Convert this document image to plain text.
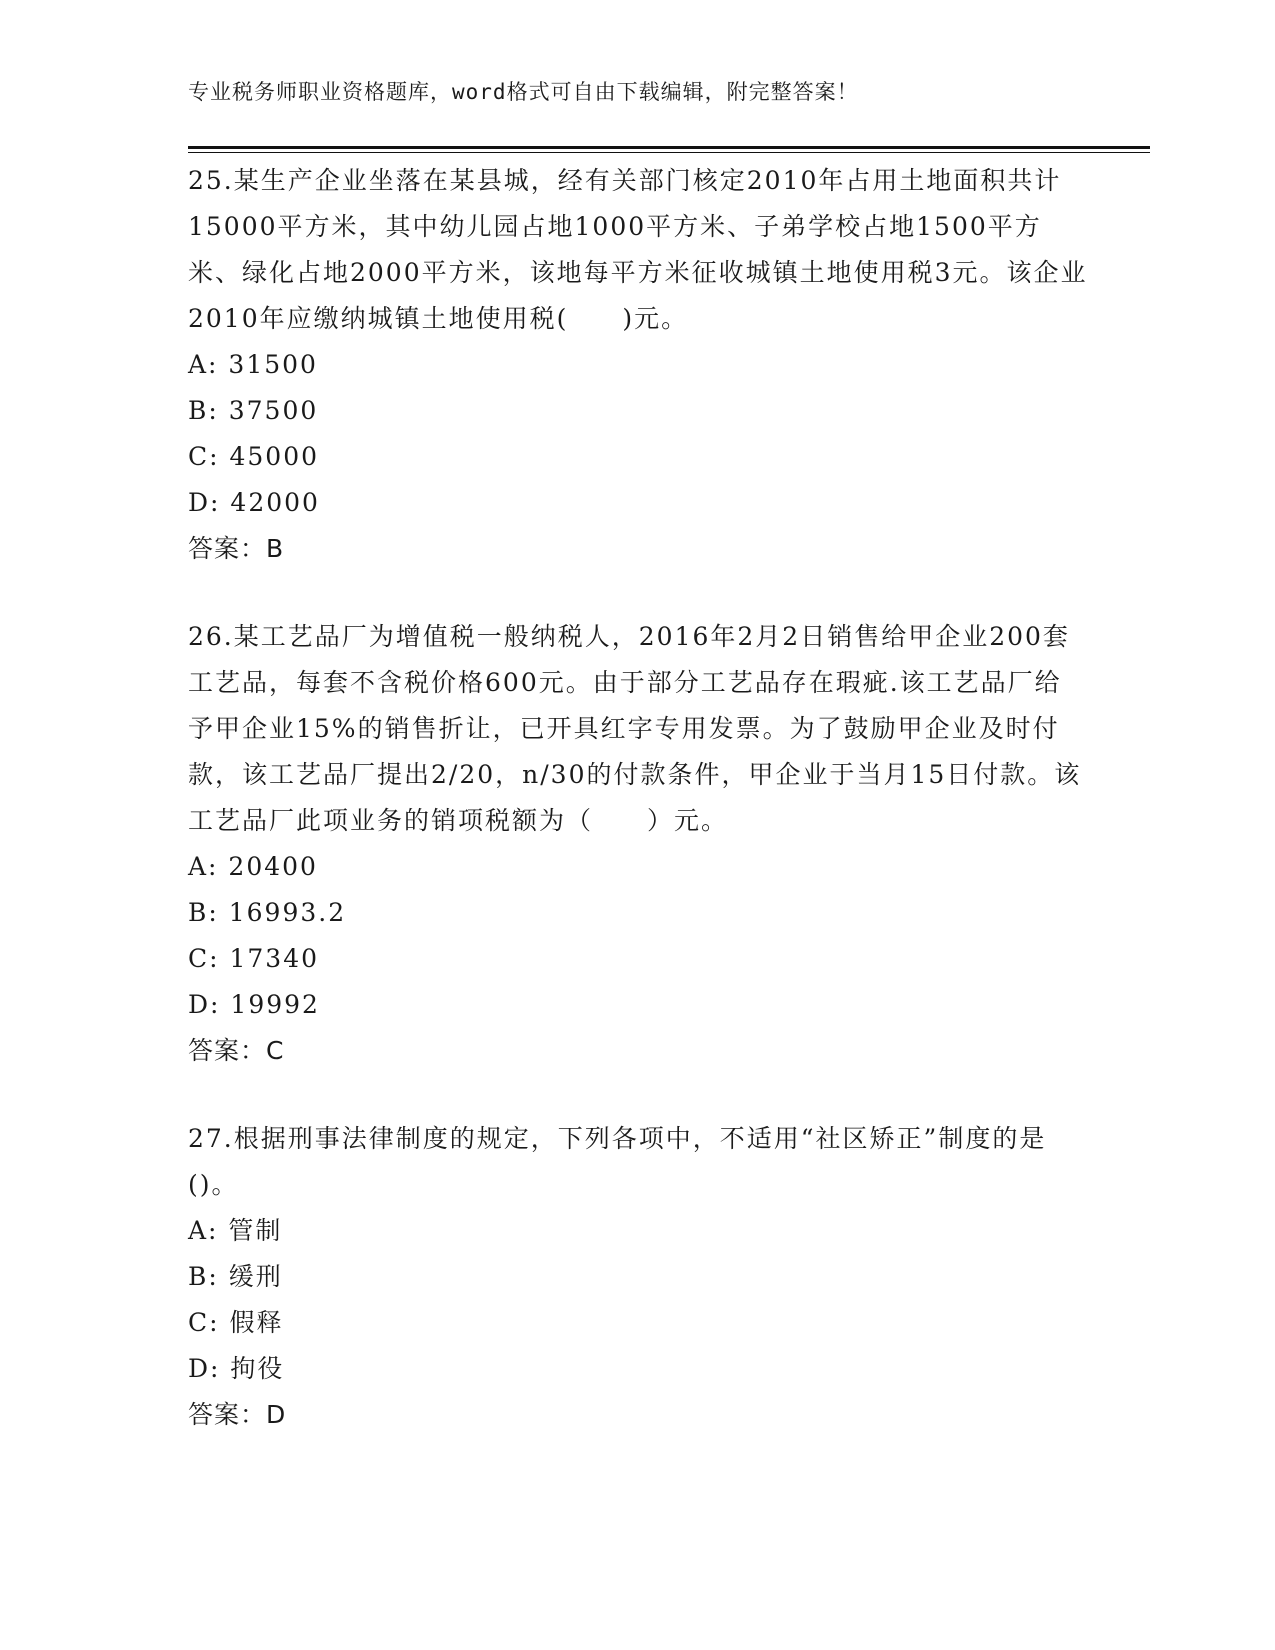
专业税务师职业资格题库，word格式可自由下载编辑，附完整答案！

25.某生产企业坐落在某县城，经有关部门核定2010年占用土地面积共计15000平方米，其中幼儿园占地1000平方米、子弟学校占地1500平方米、绿化占地2000平方米，该地每平方米征收城镇土地使用税3元。该企业2010年应缴纳城镇土地使用税(　　)元。

A: 31500

B: 37500

C: 45000

D: 42000

答案：B

26.某工艺品厂为增值税一般纳税人，2016年2月2日销售给甲企业200套工艺品，每套不含税价格600元。由于部分工艺品存在瑕疵.该工艺品厂给予甲企业15%的销售折让，已开具红字专用发票。为了鼓励甲企业及时付款，该工艺品厂提出2/20，n/30的付款条件，甲企业于当月15日付款。该工艺品厂此项业务的销项税额为（　　）元。

A: 20400

B: 16993.2

C: 17340

D: 19992

答案：C

27.根据刑事法律制度的规定，下列各项中，不适用“社区矫正”制度的是()。

A: 管制

B: 缓刑

C: 假释

D: 拘役

答案：D
